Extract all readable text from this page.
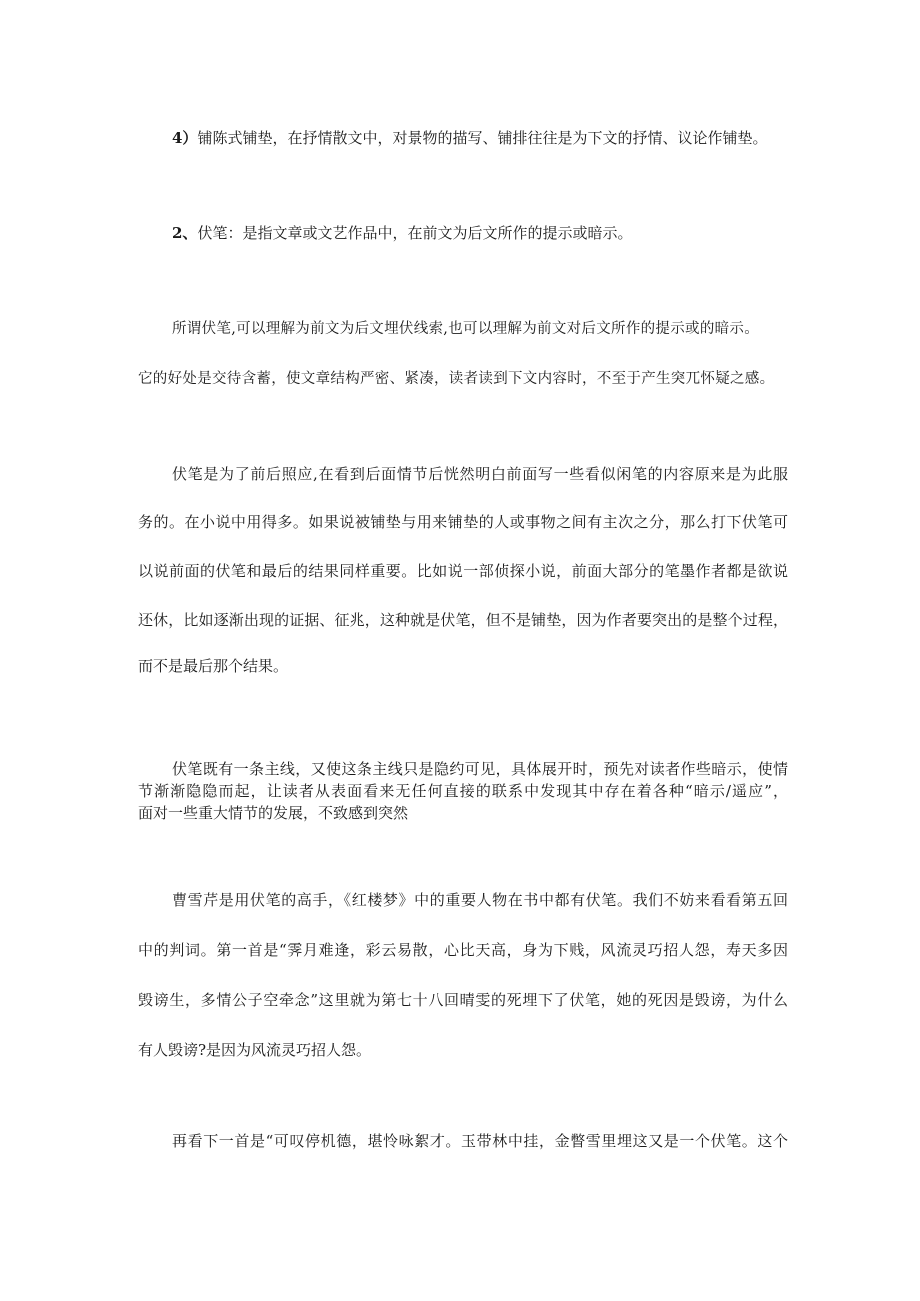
4）铺陈式铺垫，在抒情散文中，对景物的描写、铺排往往是为下文的抒情、议论作铺垫。
2、伏笔：是指文章或文艺作品中，在前文为后文所作的提示或暗示。
所谓伏笔,可以理解为前文为后文埋伏线索,也可以理解为前文对后文所作的提示或的暗示。
它的好处是交待含蓄，使文章结构严密、紧凑，读者读到下文内容时，不至于产生突兀怀疑之感。
伏笔是为了前后照应,在看到后面情节后恍然明白前面写一些看似闲笔的内容原来是为此服
务的。在小说中用得多。如果说被铺垫与用来铺垫的人或事物之间有主次之分，那么打下伏笔可
以说前面的伏笔和最后的结果同样重要。比如说一部侦探小说，前面大部分的笔墨作者都是欲说
还休，比如逐渐出现的证据、征兆，这种就是伏笔，但不是铺垫，因为作者要突出的是整个过程，
而不是最后那个结果。
伏笔既有一条主线，又使这条主线只是隐约可见，具体展开时，预先对读者作些暗示，使情
节渐渐隐隐而起，让读者从表面看来无任何直接的联系中发现其中存在着各种“暗示/遥应”，
面对一些重大情节的发展，不致感到突然
曹雪芹是用伏笔的高手，《红楼梦》中的重要人物在书中都有伏笔。我们不妨来看看第五回
中的判词。第一首是“霁月难逢，彩云易散，心比天高，身为下贱，风流灵巧招人怨，寿天多因
毁谤生，多情公子空牵念”这里就为第七十八回晴雯的死埋下了伏笔，她的死因是毁谤，为什么
有人毁谤?是因为风流灵巧招人怨。
再看下一首是“可叹停机德，堪怜咏絮才。玉带林中挂，金瞥雪里埋这又是一个伏笔。这个
